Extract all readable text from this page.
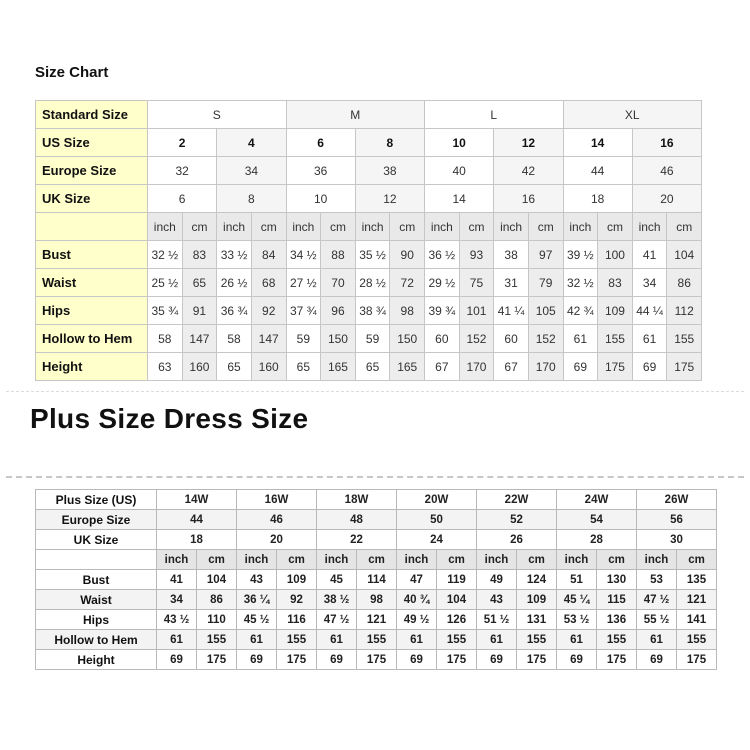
Size Chart
Standard Size	S				M				L				XL			
US Size	2		4		6		8		10		12		14		16	
Europe Size	32		34		36		38		40		42		44		46	
UK Size	6		8		10		12		14		16		18		20	
	inch	cm	inch	cm	inch	cm	inch	cm	inch	cm	inch	cm	inch	cm	inch	cm
Bust	32 ½	83	33 ½	84	34 ½	88	35 ½	90	36 ½	93	38	97	39 ½	100	41	104
Waist	25 ½	65	26 ½	68	27 ½	70	28 ½	72	29 ½	75	31	79	32 ½	83	34	86
Hips	35 ¾	91	36 ¾	92	37 ¾	96	38 ¾	98	39 ¾	101	41 ¼	105	42 ¾	109	44 ¼	112
Hollow to Hem	58	147	58	147	59	150	59	150	60	152	60	152	61	155	61	155
Height	63	160	65	160	65	165	65	165	67	170	67	170	69	175	69	175
Plus Size Dress Size
Plus Size (US)	14W		16W		18W		20W		22W		24W		26W	
Europe Size	44		46		48		50		52		54		56	
UK Size	18		20		22		24		26		28		30	
	inch	cm	inch	cm	inch	cm	inch	cm	inch	cm	inch	cm	inch	cm
Bust	41	104	43	109	45	114	47	119	49	124	51	130	53	135
Waist	34	86	36 ¼	92	38 ½	98	40 ¾	104	43	109	45 ¼	115	47 ½	121
Hips	43 ½	110	45 ½	116	47 ½	121	49 ½	126	51 ½	131	53 ½	136	55 ½	141
Hollow to Hem	61	155	61	155	61	155	61	155	61	155	61	155	61	155
Height	69	175	69	175	69	175	69	175	69	175	69	175	69	175
